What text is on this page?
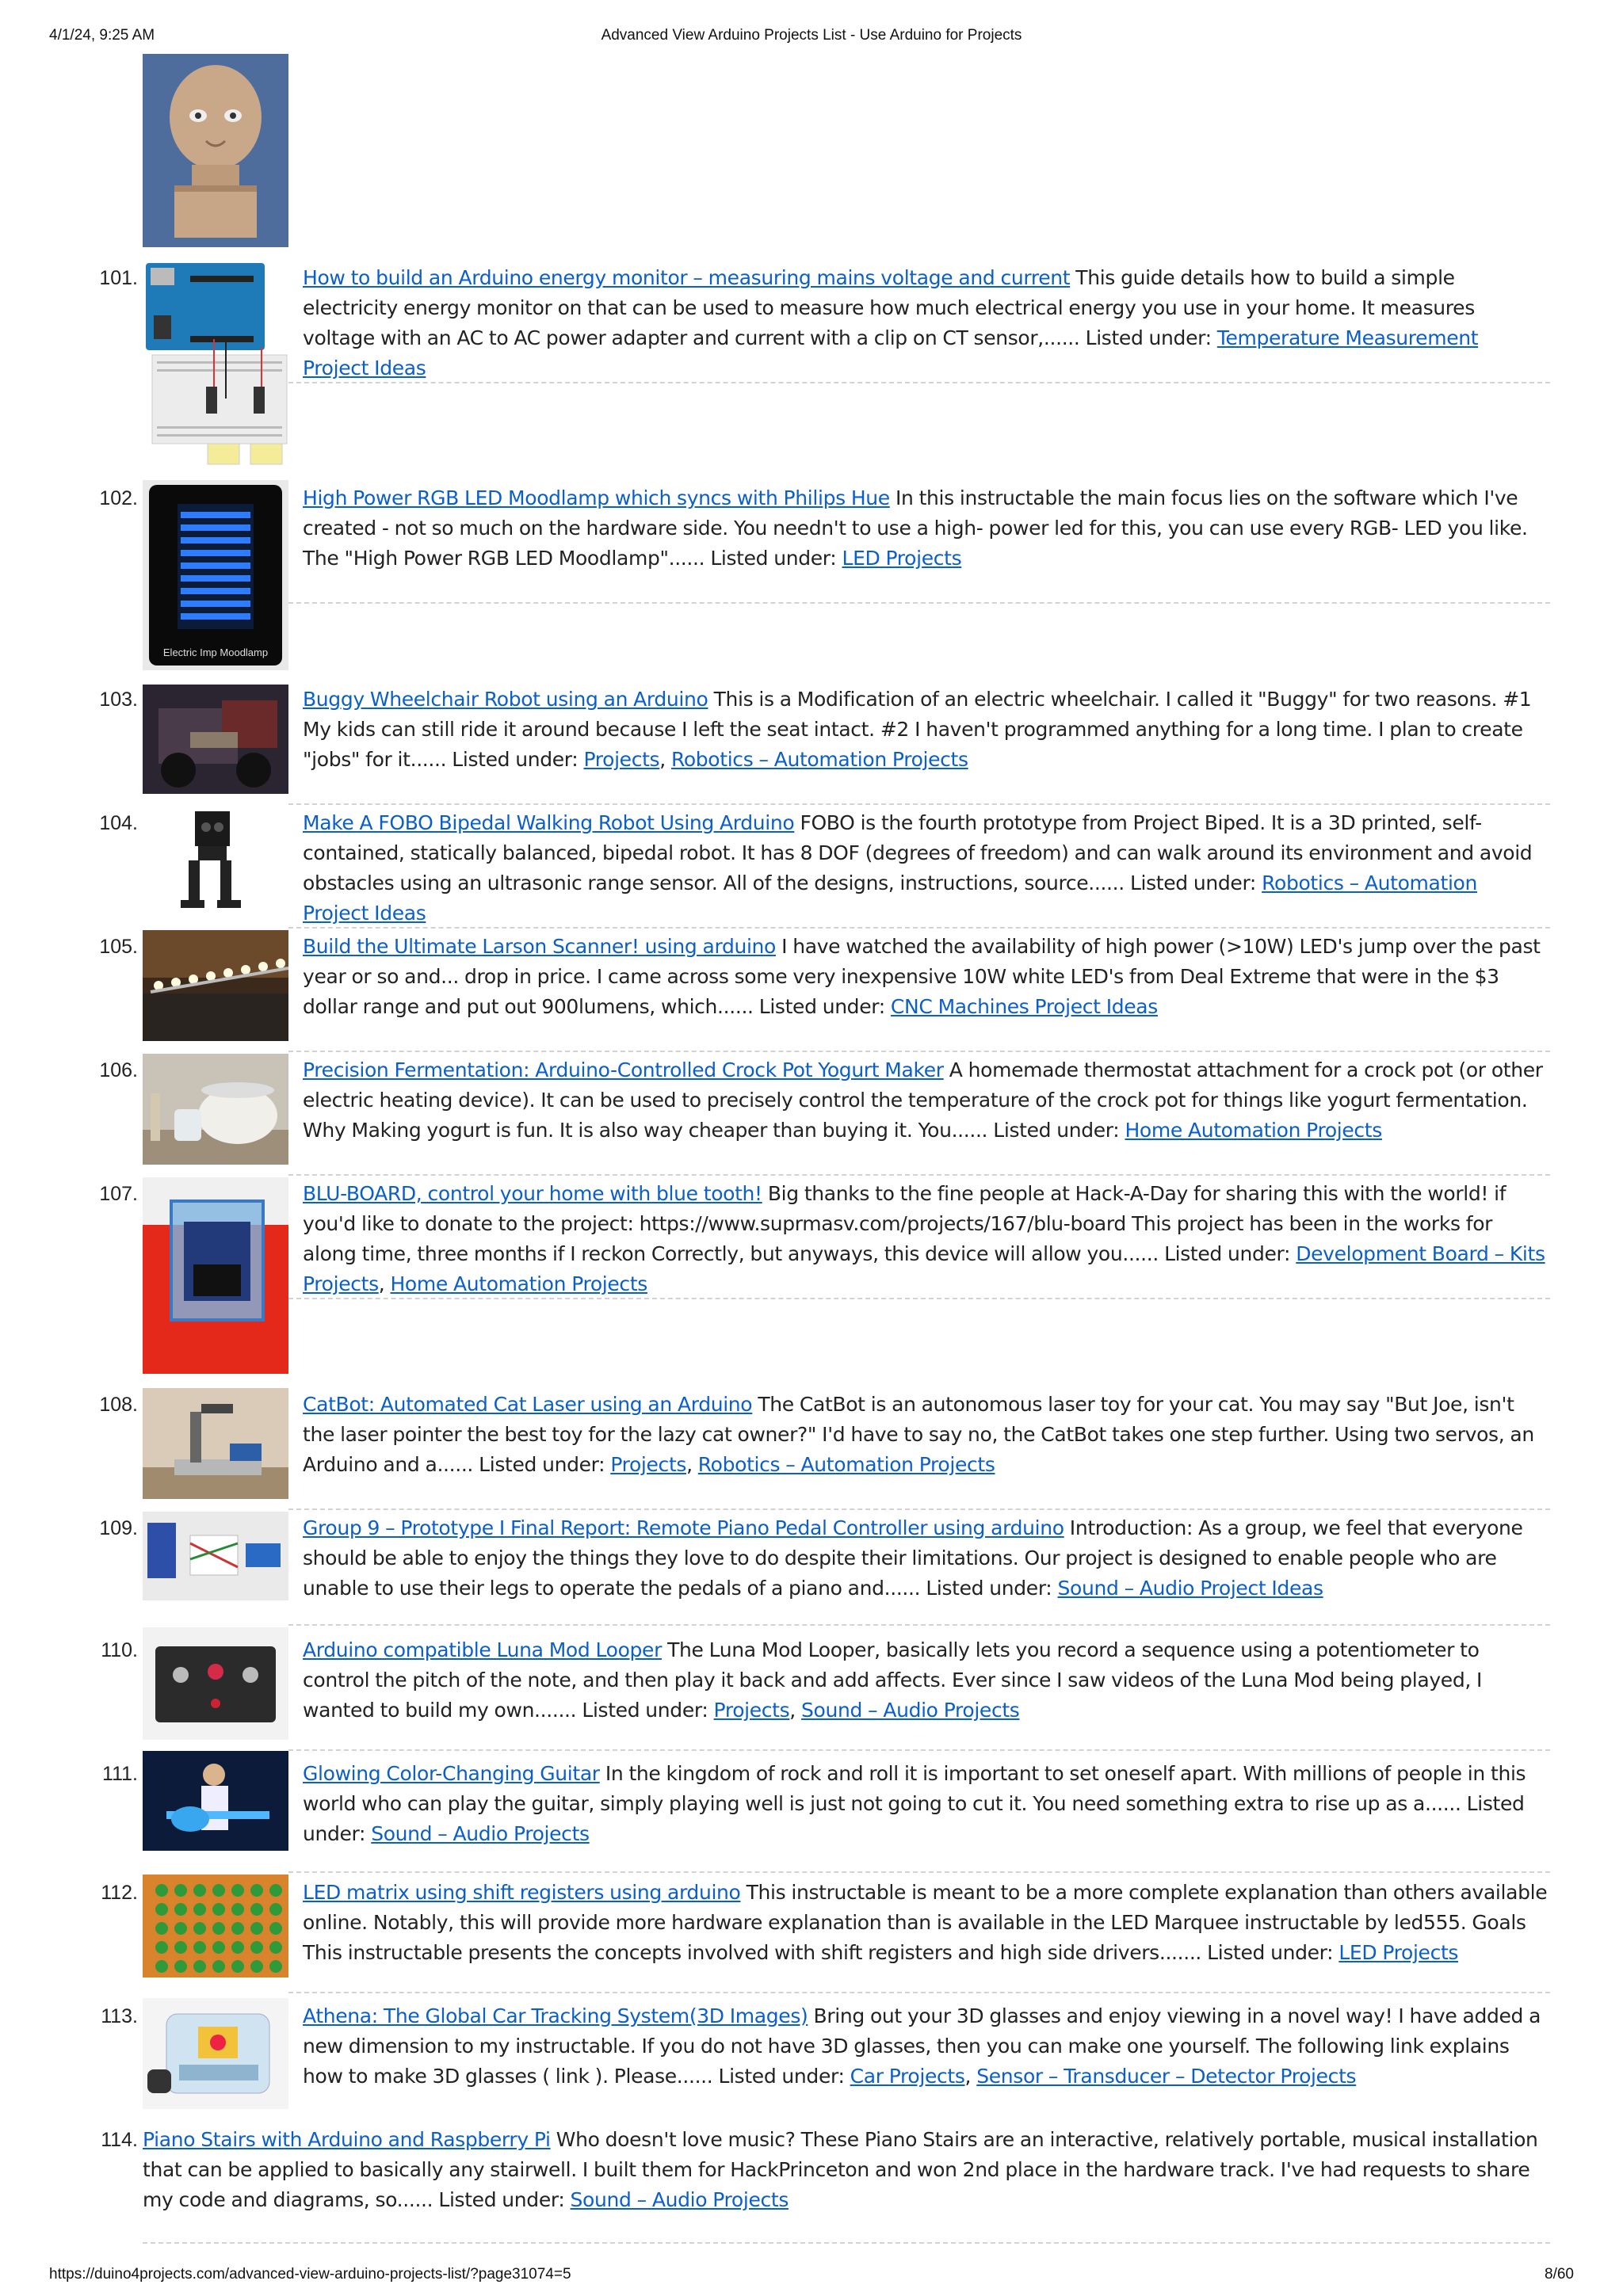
4/1/24, 9:25 AM	Advanced View Arduino Projects List - Use Arduino for Projects
Electric Imp Moodlamp
101.	How to build an Arduino energy monitor – measuring mains voltage and current This guide details how to build a simple electricity energy monitor on that can be used to measure how much electrical energy you use in your home. It measures voltage with an AC to AC power adapter and current with a clip on CT sensor,...... Listed under: Temperature Measurement Project Ideas
102.	High Power RGB LED Moodlamp which syncs with Philips Hue In this instructable the main focus lies on the software which I've created - not so much on the hardware side. You needn't to use a high- power led for this, you can use every RGB- LED you like. The "High Power RGB LED Moodlamp"...... Listed under: LED Projects
103.	Buggy Wheelchair Robot using an Arduino This is a Modification of an electric wheelchair. I called it "Buggy" for two reasons. #1 My kids can still ride it around because I left the seat intact. #2 I haven't programmed anything for a long time. I plan to create "jobs" for it...... Listed under: Projects, Robotics – Automation Projects
104.	Make A FOBO Bipedal Walking Robot Using Arduino FOBO is the fourth prototype from Project Biped. It is a 3D printed, self-contained, statically balanced, bipedal robot. It has 8 DOF (degrees of freedom) and can walk around its environment and avoid obstacles using an ultrasonic range sensor. All of the designs, instructions, source...... Listed under: Robotics – Automation Project Ideas
105.	Build the Ultimate Larson Scanner! using arduino I have watched the availability of high power (>10W) LED's jump over the past year or so and... drop in price. I came across some very inexpensive 10W white LED's from Deal Extreme that were in the $3 dollar range and put out 900lumens, which...... Listed under: CNC Machines Project Ideas
106.	Precision Fermentation: Arduino-Controlled Crock Pot Yogurt Maker A homemade thermostat attachment for a crock pot (or other electric heating device). It can be used to precisely control the temperature of the crock pot for things like yogurt fermentation. Why Making yogurt is fun. It is also way cheaper than buying it. You...... Listed under: Home Automation Projects
107.	BLU-BOARD, control your home with blue tooth! Big thanks to the fine people at Hack-A-Day for sharing this with the world! if you'd like to donate to the project: https://www.suprmasv.com/projects/167/blu-board This project has been in the works for along time, three months if I reckon Correctly, but anyways, this device will allow you...... Listed under: Development Board – Kits Projects, Home Automation Projects
108.	CatBot: Automated Cat Laser using an Arduino The CatBot is an autonomous laser toy for your cat. You may say "But Joe, isn't the laser pointer the best toy for the lazy cat owner?" I'd have to say no, the CatBot takes one step further. Using two servos, an Arduino and a...... Listed under: Projects, Robotics – Automation Projects
109.	Group 9 – Prototype I Final Report: Remote Piano Pedal Controller using arduino Introduction: As a group, we feel that everyone should be able to enjoy the things they love to do despite their limitations. Our project is designed to enable people who are unable to use their legs to operate the pedals of a piano and...... Listed under: Sound – Audio Project Ideas
110.	Arduino compatible Luna Mod Looper The Luna Mod Looper, basically lets you record a sequence using a potentiometer to control the pitch of the note, and then play it back and add affects. Ever since I saw videos of the Luna Mod being played, I wanted to build my own....... Listed under: Projects, Sound – Audio Projects
111.	Glowing Color-Changing Guitar In the kingdom of rock and roll it is important to set oneself apart. With millions of people in this world who can play the guitar, simply playing well is just not going to cut it. You need something extra to rise up as a...... Listed under: Sound – Audio Projects
112.	LED matrix using shift registers using arduino This instructable is meant to be a more complete explanation than others available online. Notably, this will provide more hardware explanation than is available in the LED Marquee instructable by led555. Goals This instructable presents the concepts involved with shift registers and high side drivers....... Listed under: LED Projects
113.	Athena: The Global Car Tracking System(3D Images) Bring out your 3D glasses and enjoy viewing in a novel way! I have added a new dimension to my instructable. If you do not have 3D glasses, then you can make one yourself. The following link explains how to make 3D glasses ( link ). Please...... Listed under: Car Projects, Sensor – Transducer – Detector Projects
114. Piano Stairs with Arduino and Raspberry Pi Who doesn't love music? These Piano Stairs are an interactive, relatively portable, musical installation that can be applied to basically any stairwell. I built them for HackPrinceton and won 2nd place in the hardware track. I've had requests to share my code and diagrams, so...... Listed under: Sound – Audio Projects
https://duino4projects.com/advanced-view-arduino-projects-list/?page31074=5	8/60
